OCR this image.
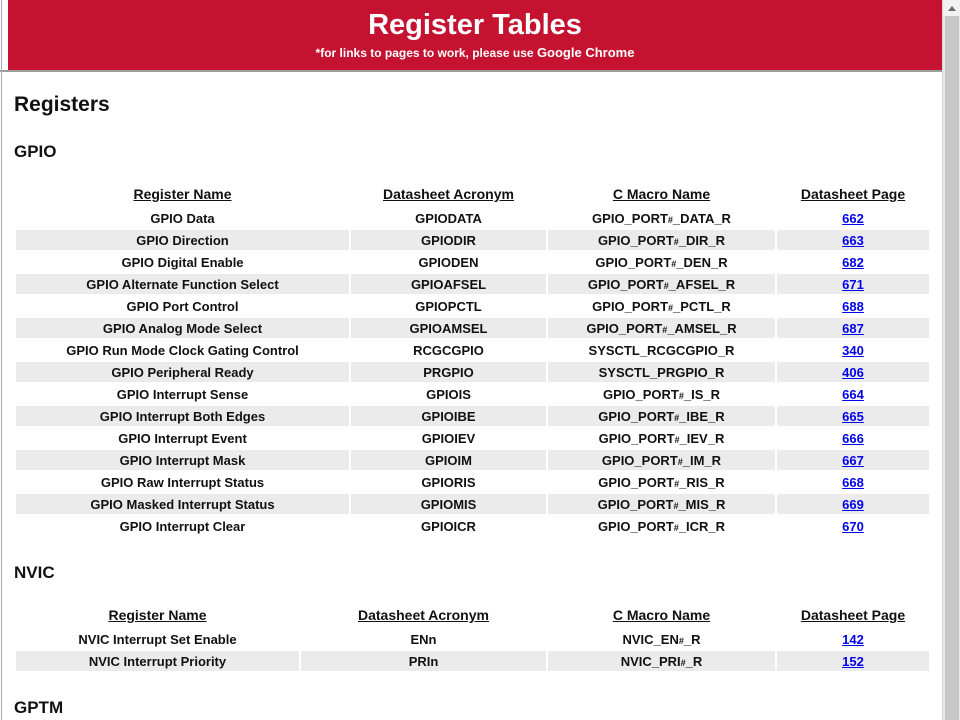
Register Tables
*for links to pages to work, please use Google Chrome
Registers
GPIO
Register Name	Datasheet Acronym	C Macro Name	Datasheet Page
GPIO Data	GPIODATA	GPIO_PORT#_DATA_R	662
GPIO Direction	GPIODIR	GPIO_PORT#_DIR_R	663
GPIO Digital Enable	GPIODEN	GPIO_PORT#_DEN_R	682
GPIO Alternate Function Select	GPIOAFSEL	GPIO_PORT#_AFSEL_R	671
GPIO Port Control	GPIOPCTL	GPIO_PORT#_PCTL_R	688
GPIO Analog Mode Select	GPIOAMSEL	GPIO_PORT#_AMSEL_R	687
GPIO Run Mode Clock Gating Control	RCGCGPIO	SYSCTL_RCGCGPIO_R	340
GPIO Peripheral Ready	PRGPIO	SYSCTL_PRGPIO_R	406
GPIO Interrupt Sense	GPIOIS	GPIO_PORT#_IS_R	664
GPIO Interrupt Both Edges	GPIOIBE	GPIO_PORT#_IBE_R	665
GPIO Interrupt Event	GPIOIEV	GPIO_PORT#_IEV_R	666
GPIO Interrupt Mask	GPIOIM	GPIO_PORT#_IM_R	667
GPIO Raw Interrupt Status	GPIORIS	GPIO_PORT#_RIS_R	668
GPIO Masked Interrupt Status	GPIOMIS	GPIO_PORT#_MIS_R	669
GPIO Interrupt Clear	GPIOICR	GPIO_PORT#_ICR_R	670
NVIC
Register Name	Datasheet Acronym	C Macro Name	Datasheet Page
NVIC Interrupt Set Enable	ENn	NVIC_EN#_R	142
NVIC Interrupt Priority	PRIn	NVIC_PRI#_R	152
GPTM
